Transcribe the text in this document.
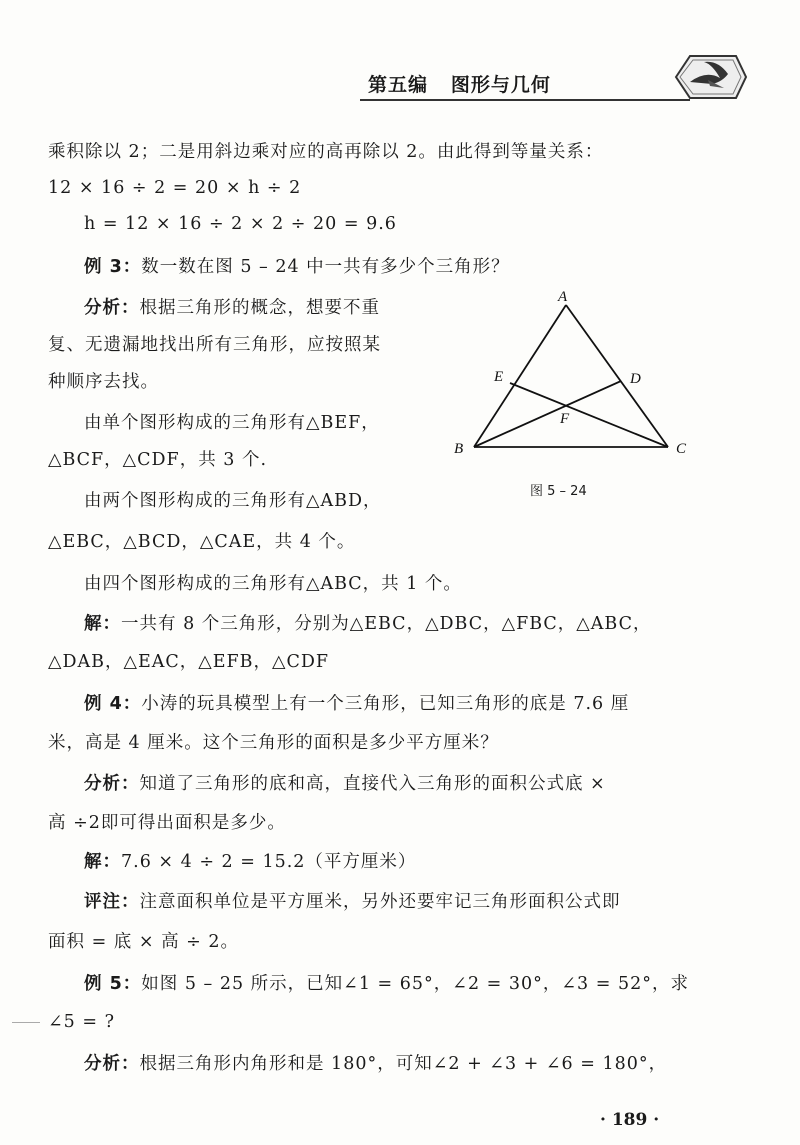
第五编 图形与几何
乘积除以 2；二是用斜边乘对应的高再除以 2。由此得到等量关系：
12 × 16 ÷ 2 = 20 × h ÷ 2
h = 12 × 16 ÷ 2 × 2 ÷ 20 = 9.6
例 3：数一数在图 5 – 24 中一共有多少个三角形？
分析：根据三角形的概念，想要不重
复、无遗漏地找出所有三角形，应按照某
种顺序去找。
由单个图形构成的三角形有△BEF，
△BCF，△CDF，共 3 个.
由两个图形构成的三角形有△ABD，
△EBC，△BCD，△CAE，共 4 个。
由四个图形构成的三角形有△ABC，共 1 个。
解：一共有 8 个三角形，分别为△EBC，△DBC，△FBC，△ABC，
△DAB，△EAC，△EFB，△CDF
例 4：小涛的玩具模型上有一个三角形，已知三角形的底是 7.6 厘
米，高是 4 厘米。这个三角形的面积是多少平方厘米？
分析：知道了三角形的底和高，直接代入三角形的面积公式底 ×
高 ÷2即可得出面积是多少。
解：7.6 × 4 ÷ 2 = 15.2（平方厘米）
评注：注意面积单位是平方厘米，另外还要牢记三角形面积公式即
面积 = 底 × 高 ÷ 2。
例 5：如图 5 – 25 所示，已知∠1 = 65°，∠2 = 30°，∠3 = 52°，求
∠5 = ?
分析：根据三角形内角形和是 180°，可知∠2 + ∠3 + ∠6 = 180°，
A
B	C
D
E
F
图 5 – 24
· 189 ·
